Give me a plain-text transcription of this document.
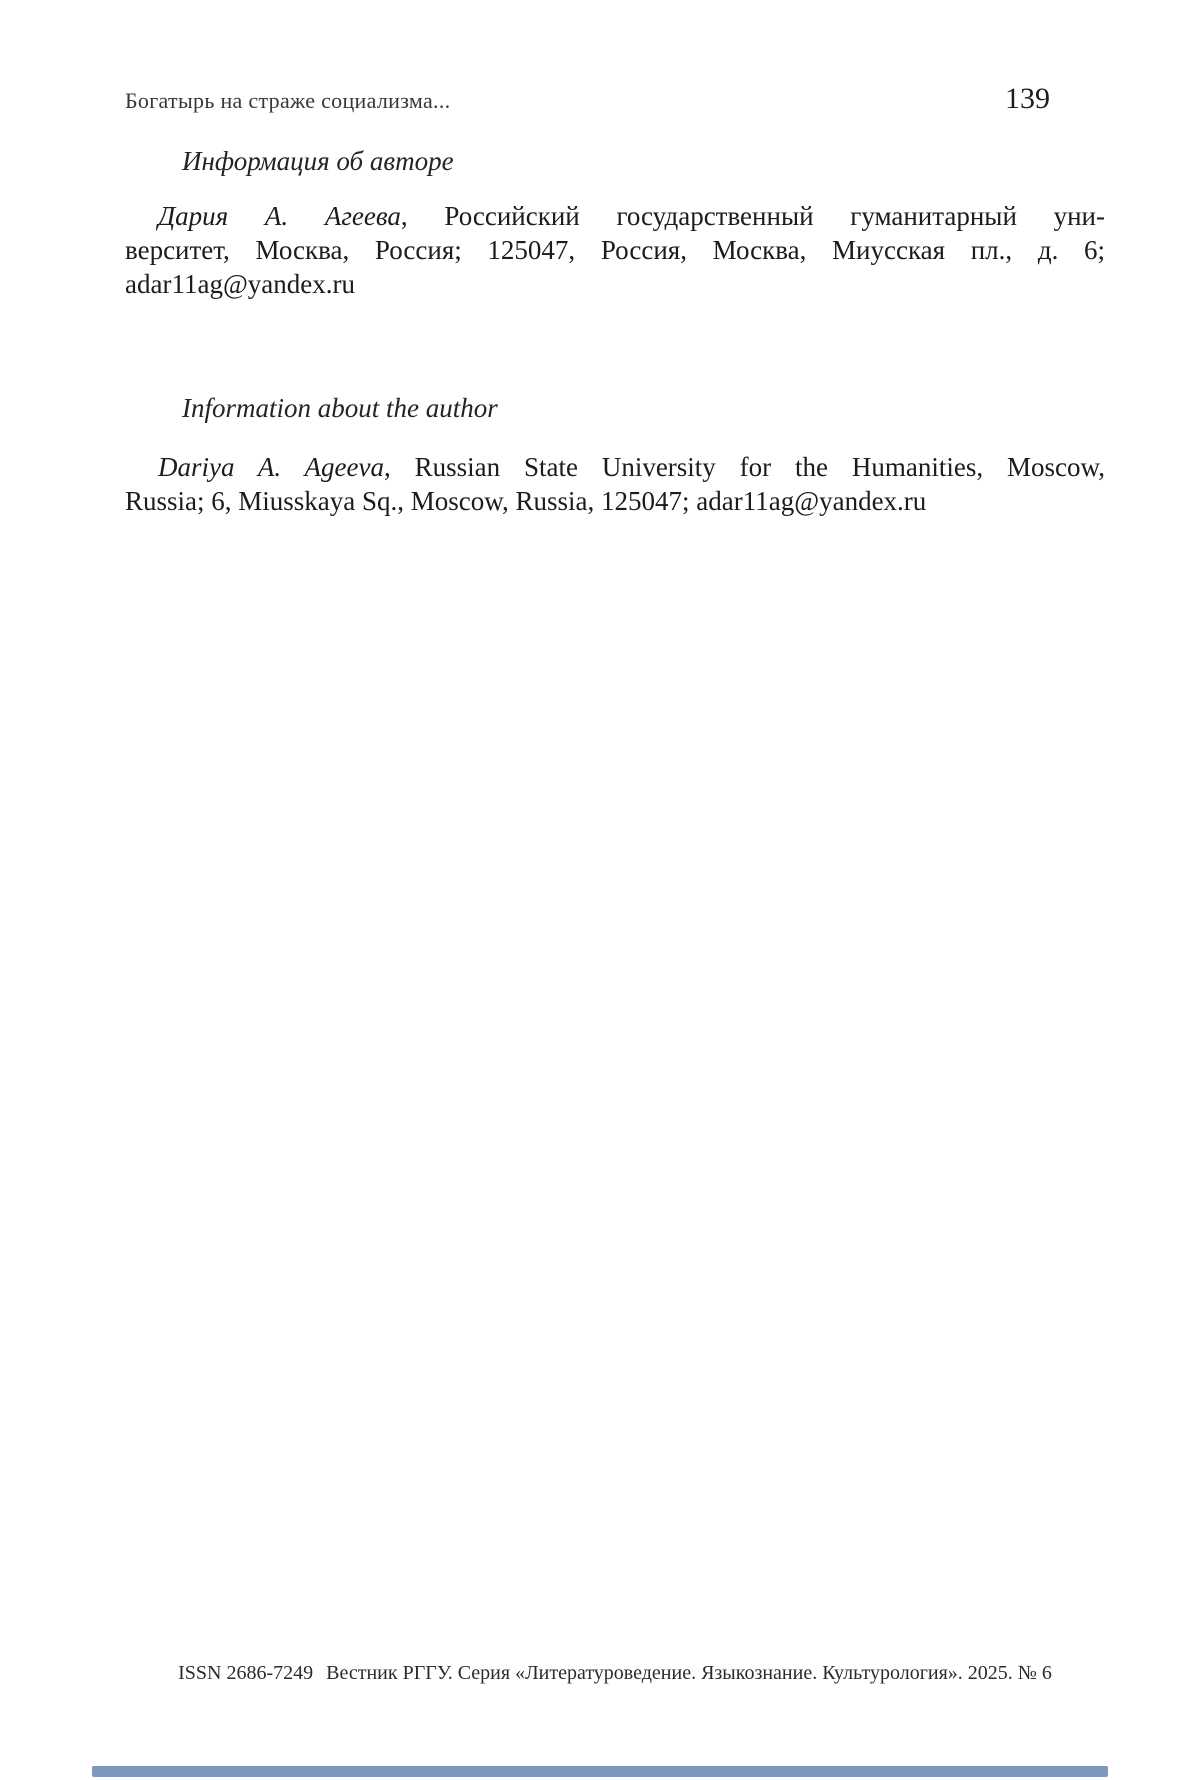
Богатырь на страже социализма...	139
Информация об авторе
Дария А. Агеева, Российский государственный гуманитарный уни-
верситет, Москва, Россия; 125047, Россия, Москва, Миусская пл., д. 6;
adar11ag@yandex.ru
Information about the author
Dariya A. Ageeva, Russian State University for the Humanities, Moscow,
Russia; 6, Miusskaya Sq., Moscow, Russia, 125047; adar11ag@yandex.ru
ISSN 2686-7249 Вестник РГГУ. Серия «Литературоведение. Языкознание. Культурология». 2025. № 6
